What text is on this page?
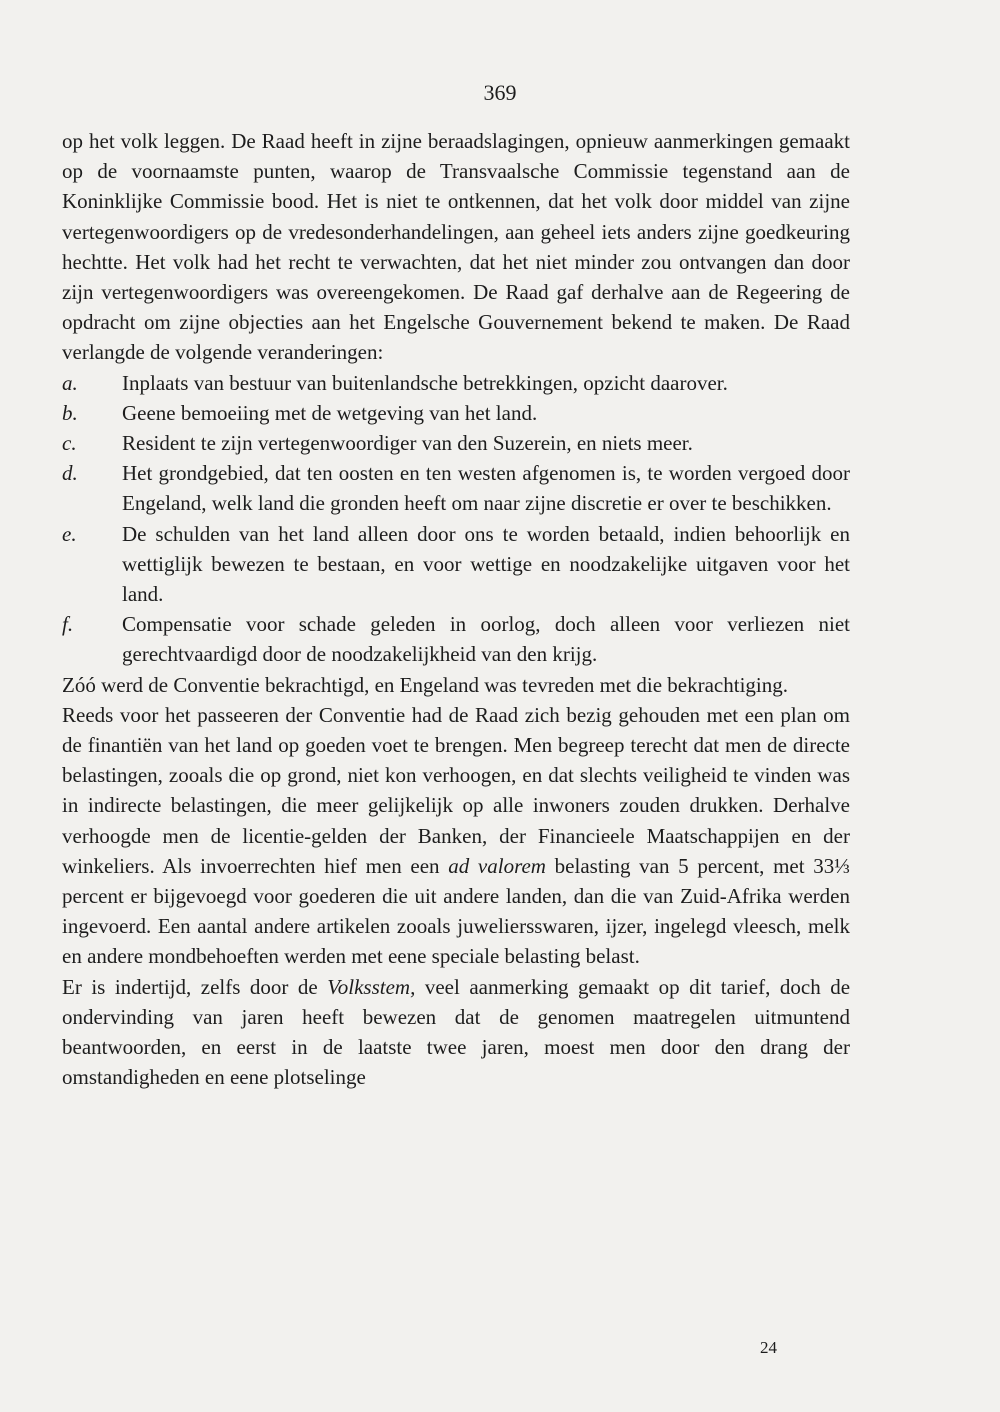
369

op het volk leggen. De Raad heeft in zijne beraadslagingen, opnieuw aanmerkingen gemaakt op de voornaamste punten, waarop de Transvaalsche Commissie tegenstand aan de Koninklijke Commissie bood. Het is niet te ontkennen, dat het volk door middel van zijne vertegenwoordigers op de vredesonderhandelingen, aan geheel iets anders zijne goedkeuring hechtte. Het volk had het recht te verwachten, dat het niet minder zou ontvangen dan door zijn vertegenwoordigers was overeengekomen. De Raad gaf derhalve aan de Regeering de opdracht om zijne objecties aan het Engelsche Gouvernement bekend te maken. De Raad verlangde de volgende veranderingen:

a.	Inplaats van bestuur van buitenlandsche betrekkingen, opzicht daarover.
b.	Geene bemoeiing met de wetgeving van het land.
c.	Resident te zijn vertegenwoordiger van den Suzerein, en niets meer.
d.	Het grondgebied, dat ten oosten en ten westen afgenomen is, te worden vergoed door Engeland, welk land die gronden heeft om naar zijne discretie er over te beschikken.
e.	De schulden van het land alleen door ons te worden betaald, indien behoorlijk en wettiglijk bewezen te bestaan, en voor wettige en noodzakelijke uitgaven voor het land.
f.	Compensatie voor schade geleden in oorlog, doch alleen voor verliezen niet gerechtvaardigd door de noodzakelijkheid van den krijg.

Zóó werd de Conventie bekrachtigd, en Engeland was tevreden met die bekrachtiging.

Reeds voor het passeeren der Conventie had de Raad zich bezig gehouden met een plan om de finantiën van het land op goeden voet te brengen. Men begreep terecht dat men de directe belastingen, zooals die op grond, niet kon verhoogen, en dat slechts veiligheid te vinden was in indirecte belastingen, die meer gelijkelijk op alle inwoners zouden drukken. Derhalve verhoogde men de licentie-gelden der Banken, der Financieele Maatschappijen en der winkeliers. Als invoerrechten hief men een ad valorem belasting van 5 percent, met 33⅓ percent er bijgevoegd voor goederen die uit andere landen, dan die van Zuid-Afrika werden ingevoerd. Een aantal andere artikelen zooals juweliersswaren, ijzer, ingelegd vleesch, melk en andere mondbehoeften werden met eene speciale belasting belast.

Er is indertijd, zelfs door de Volksstem, veel aanmerking gemaakt op dit tarief, doch de ondervinding van jaren heeft bewezen dat de genomen maatregelen uitmuntend beantwoorden, en eerst in de laatste twee jaren, moest men door den drang der omstandigheden en eene plotselinge

24
